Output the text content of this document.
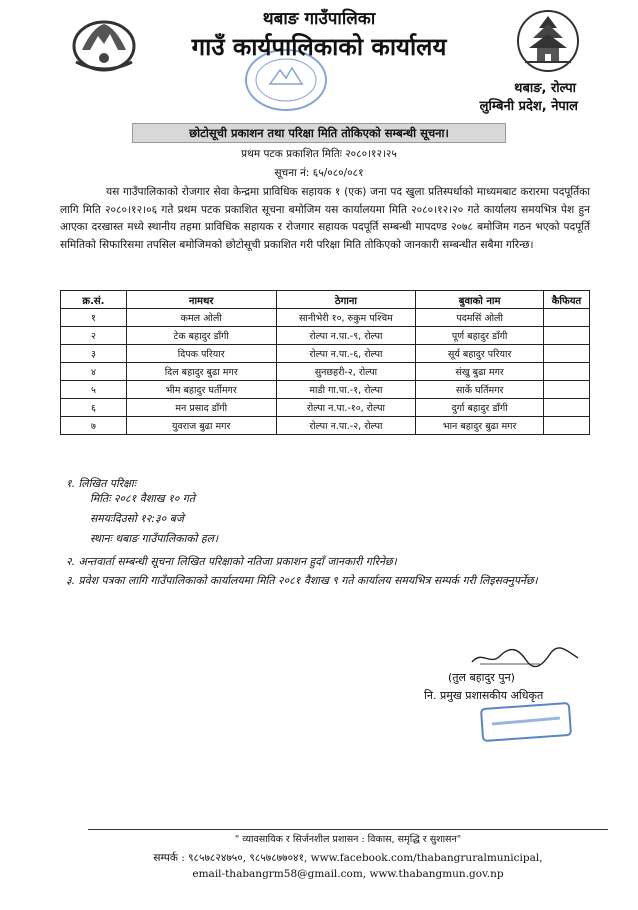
थबाङ गाउँपालिका
गाउँ कार्यपालिकाको कार्यालय
थबाङ, रोल्पा
लुम्बिनी प्रदेश, नेपाल
छोटोसूची प्रकाशन तथा परिक्षा मिति तोकिएको सम्बन्धी सूचना।
प्रथम पटक प्रकाशित मितिः २०८०।१२।२५
सूचना नं: ६५/०८०/०८१

यस गाउँपालिकाको रोजगार सेवा केन्द्रमा प्राविधिक सहायक १ (एक) जना पद खुला प्रतिस्पर्धाको माध्यमबाट करारमा पदपूर्तिका लागि मिति २०८०।१२।०६ गते प्रथम पटक प्रकाशित सूचना बमोजिम यस कार्यालयमा मिति २०८०।१२।२० गते कार्यालय समयभित्र पेश हुन आएका दरखास्त मध्ये स्थानीय तहमा प्राविधिक सहायक र रोजगार सहायक पदपूर्ति सम्बन्धी मापदण्ड २०७८ बमोजिम गठन भएको पदपूर्ति समितिको सिफारिसमा तपसिल बमोजिमको छोटोसूची प्रकाशित गरी परिक्षा मिति तोकिएको जानकारी सम्बन्धीत सबैमा गरिन्छ।

क्र.सं.	नामथर	ठेगाना	बुवाको नाम	कैफियत
१	कमल ओली	सानीभेरी १०, रुकुम पश्चिम	पदमसिं ओली	
२	टेक बहादुर डाँगी	रोल्पा न.पा.-९, रोल्पा	पूर्ण बहादुर डाँगी	
३	दिपक परियार	रोल्पा न.पा.-६, रोल्पा	सूर्य बहादुर परियार	
४	दिल बहादुर बुढा मगर	सुनछहरी-२, रोल्पा	संखु बुढा मगर	
५	भीम बहादुर घर्तीमगर	माडी गा.पा.-१, रोल्पा	सार्के घर्तिमगर	
६	मन प्रसाद डाँगी	रोल्पा न.पा.-१०, रोल्पा	दुर्गा बहादुर डाँगी	
७	युवराज बुढा मगर	रोल्पा न.पा.-२, रोल्पा	भान बहादुर बुढा मगर	
१. लिखित परिक्षाः
मितिः २०८१ वैशाख १० गते
समयःदिउसो १२:३० बजे
स्थानः थबाङ गाउँपालिकाको हल।
२. अन्तवार्ता सम्बन्धी सूचना लिखित परिक्षाको नतिजा प्रकाशन हुदाँ जानकारी गरिनेछ।
३. प्रवेश पत्रका लागि गाउँपालिकाको कार्यालयमा मिति २०८१ वैशाख ९ गते कार्यालय समयभित्र सम्पर्क गरी लिइसक्नुपर्नेछ।
(तुल बहादुर पुन)
नि. प्रमुख प्रशासकीय अधिकृत
" व्यावसायिक र सिर्जनशील प्रशासन : विकास, समृद्धि र सुशासन"
सम्पर्क : ९८५७८२४७५०, ९८५७८७७०४१, www.facebook.com/thabangruralmunicipal,
email-thabangrm58@gmail.com, www.thabangmun.gov.np
